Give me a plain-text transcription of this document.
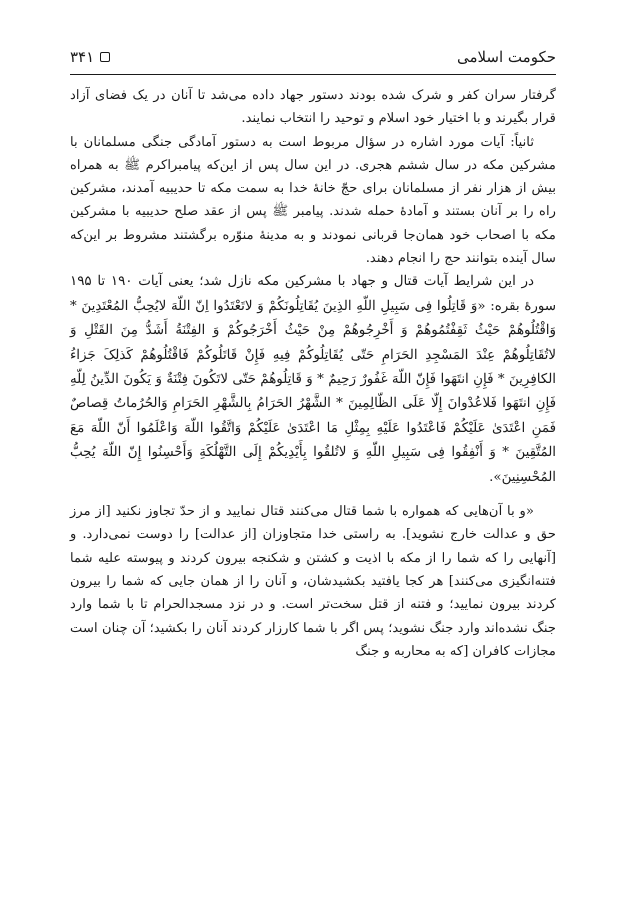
حکومت اسلامی
۳۴۱

گرفتار سران کفر و شرک شده بودند دستور جهاد داده می‌شد تا آنان در یک فضای آزاد قرار بگیرند و با اختیار خود اسلام و توحید را انتخاب نمایند.

ثانیاً: آیات مورد اشاره در سؤال مربوط است به دستور آمادگی جنگی مسلمانان با مشرکین مکه در سال ششم هجری. در این سال پس از این‌که پیامبراکرم ﷺ به همراه بیش از هزار نفر از مسلمانان برای حجّ خانهٔ خدا به سمت مکه تا حدیبیه آمدند، مشرکین راه را بر آنان بستند و آمادهٔ حمله شدند. پیامبر ﷺ پس از عقد صلح حدیبیه با مشرکین مکه با اصحاب خود همان‌جا قربانی نمودند و به مدینهٔ منوّره برگشتند مشروط بر این‌که سال آینده بتوانند حج را انجام دهند.

در این شرایط آیات قتال و جهاد با مشرکین مکه نازل شد؛ یعنی آیات ۱۹۰ تا ۱۹۵ سورهٔ بقره: «وَ قَاتِلُوا فِی سَبِیلِ اللّهِ الذِینَ یُقَاتِلُونَکُمْ وَ لاتَعْتَدُوا اِنّ اللّهَ لایُحِبُّ المُعْتَدِینَ * وَاقْتُلُوهُمْ حَیْثُ ثَقِفْتُمُوهُمْ وَ أَخْرِجُوهُمْ مِنْ حَیْثُ أَخْرَجُوکُمْ وَ الفِتْنَةُ أَشَدُّ مِنَ القَتْلِ وَ لاتُقَاتِلُوهُمْ عِنْدَ المَسْجِدِ الحَرَامِ حَتّی یُقَاتِلُوکُمْ فِیهِ فَإِنْ قَاتَلُوکُمْ فَاقْتُلُوهُمْ کَذلِکَ جَزاءُ الکافِرِینَ * فَإِنِ انتَهَوا فَإِنّ اللّهَ غَفُورٌ رَحِیمٌ * وَ قَاتِلُوهُمْ حَتّی لاتَکُونَ فِتْنَةٌ وَ یَکُونَ الدِّینُ لِلّهِ فَإِنِ انتَهَوا فَلاعُدْوانَ إِلّا عَلَی الظّالِمِینَ * الشَّهْرُ الحَرَامُ بِالشَّهْرِ الحَرَامِ وَالحُرُماتُ قِصاصٌ فَمَنِ اعْتَدَیٰ عَلَیْکُمْ فَاعْتَدُوا عَلَیْهِ بِمِثْلِ مَا اعْتَدَیٰ عَلَیْکُمْ وَاتَّقُوا اللّهَ وَاعْلَمُوا أَنّ اللّهَ مَعَ المُتَّقِینَ * وَ أَنْفِقُوا فِی سَبِیلِ اللّهِ وَ لاتُلقُوا بِأَیْدِیکُمْ إِلَی التَّهْلُکَةِ وَأَحْسِنُوا إِنّ اللّهَ یُحِبُّ المُحْسِنِینَ».

«و با آن‌هایی که همواره با شما قتال می‌کنند قتال نمایید و از حدّ تجاوز نکنید [از مرز حق و عدالت خارج نشوید]. به راستی خدا متجاوزان [از عدالت] را دوست نمی‌دارد. و [آنهایی را که شما را از مکه با اذیت و کشتن و شکنجه بیرون کردند و پیوسته علیه شما فتنه‌انگیزی می‌کنند] هر کجا یافتید بکشیدشان، و آنان را از همان جایی که شما را بیرون کردند بیرون نمایید؛ و فتنه از قتل سخت‌تر است. و در نزد مسجدالحرام تا با شما وارد جنگ نشده‌اند وارد جنگ نشوید؛ پس اگر با شما کارزار کردند آنان را بکشید؛ آن چنان است مجازات کافران [که به محاربه و جنگ
